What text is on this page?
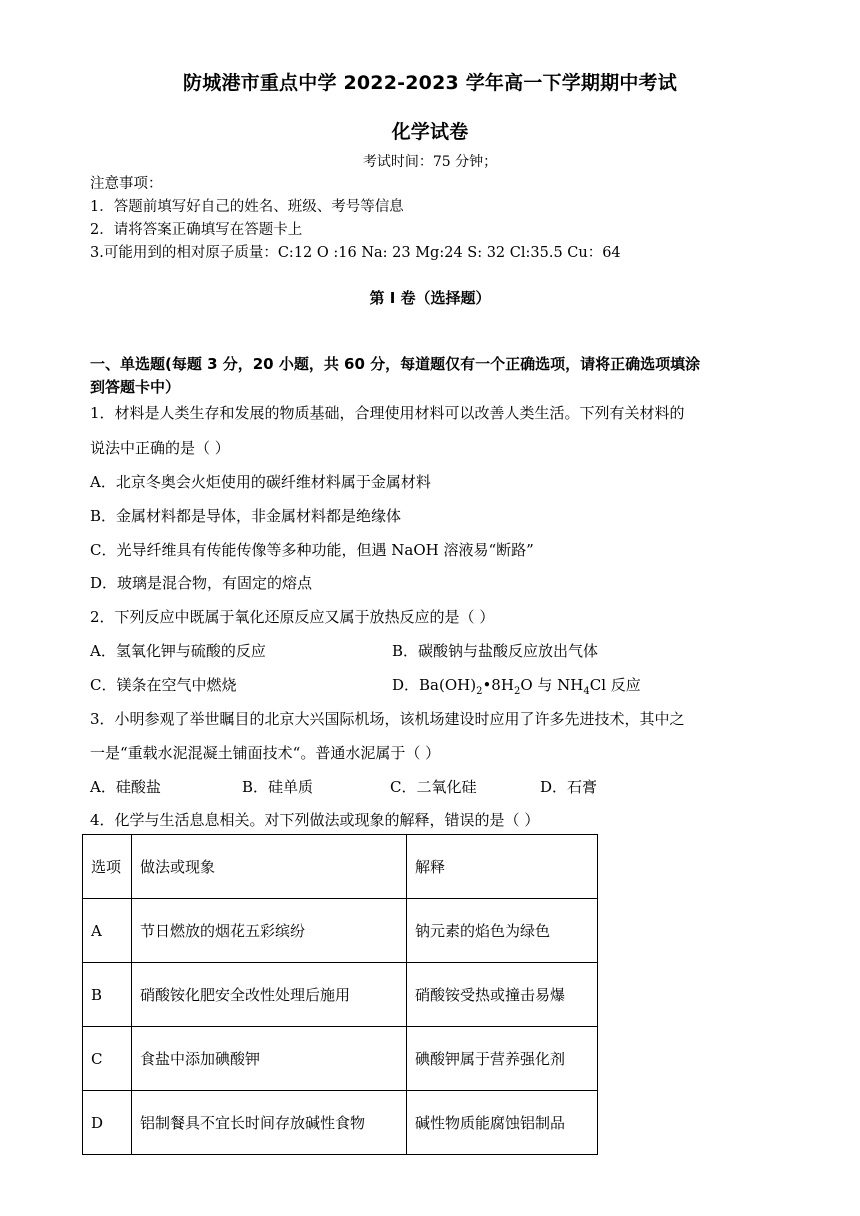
防城港市重点中学 2022-2023 学年高一下学期期中考试
化学试卷
考试时间：75 分钟；
注意事项：
1．答题前填写好自己的姓名、班级、考号等信息
2．请将答案正确填写在答题卡上
3.可能用到的相对原子质量：C:12 O :16 Na: 23 Mg:24 S: 32 Cl:35.5 Cu：64
第 I 卷（选择题）
一、单选题(每题 3 分，20 小题，共 60 分，每道题仅有一个正确选项，请将正确选项填涂
到答题卡中）
1．材料是人类生存和发展的物质基础，合理使用材料可以改善人类生活。下列有关材料的
说法中正确的是（ ）
A．北京冬奥会火炬使用的碳纤维材料属于金属材料
B．金属材料都是导体，非金属材料都是绝缘体
C．光导纤维具有传能传像等多种功能，但遇 NaOH 溶液易“断路”
D．玻璃是混合物，有固定的熔点
2．下列反应中既属于氧化还原反应又属于放热反应的是（ ）
A．氢氧化钾与硫酸的反应	B．碳酸钠与盐酸反应放出气体
C．镁条在空气中燃烧	D．$Ba(OH)_2•8H_2O$ 与 $NH_4Cl$ 反应
3．小明参观了举世瞩目的北京大兴国际机场，该机场建设时应用了许多先进技术，其中之
一是“重载水泥混凝土铺面技术“。普通水泥属于（ ）
A．硅酸盐	B．硅单质	C．二氧化硅	D．石膏
4．化学与生活息息相关。对下列做法或现象的解释，错误的是（ ）
选项	做法或现象	解释
A	节日燃放的烟花五彩缤纷	钠元素的焰色为绿色
B	硝酸铵化肥安全改性处理后施用	硝酸铵受热或撞击易爆
C	食盐中添加碘酸钾	碘酸钾属于营养强化剂
D	铝制餐具不宜长时间存放碱性食物	碱性物质能腐蚀铝制品
